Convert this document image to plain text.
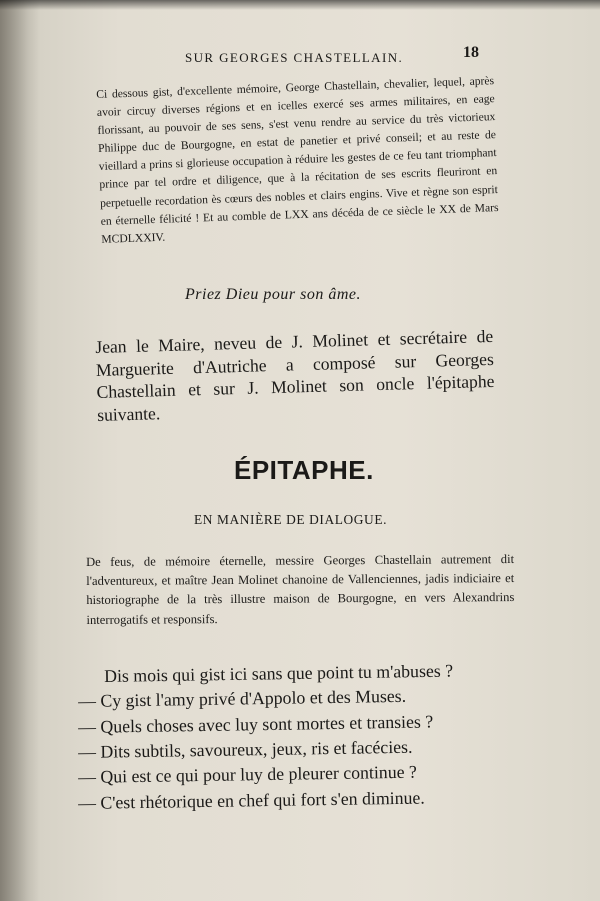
SUR GEORGES CHASTELLAIN.	18
Ci dessous gist, d'excellente mémoire, George Chastellain, chevalier, lequel, après avoir circuy diverses régions et en icelles exercé ses armes militaires, en eage florissant, au pouvoir de ses sens, s'est venu rendre au service du très victorieux Philippe duc de Bourgogne, en estat de panetier et privé conseil; et au reste de vieillard a prins si glorieuse occupation à réduire les gestes de ce feu tant triomphant prince par tel ordre et diligence, que à la récitation de ses escrits fleuriront en perpetuelle recordation ès cœurs des nobles et clairs engins. Vive et règne son esprit en éternelle félicité ! Et au comble de LXX ans décéda de ce siècle le XX de Mars MCDLXXIV.
Priez Dieu pour son âme.
Jean le Maire, neveu de J. Molinet et secrétaire de Marguerite d'Autriche a composé sur Georges Chastellain et sur J. Molinet son oncle l'épitaphe suivante.
ÉPITAPHE.
EN MANIÈRE DE DIALOGUE.
De feus, de mémoire éternelle, messire Georges Chastellain autrement dit l'adventureux, et maître Jean Molinet chanoine de Vallenciennes, jadis indiciaire et historiographe de la très illustre maison de Bourgogne, en vers Alexandrins interrogatifs et responsifs.
Dis mois qui gist ici sans que point tu m'abuses ?
— Cy gist l'amy privé d'Appolo et des Muses.
— Quels choses avec luy sont mortes et transies ?
— Dits subtils, savoureux, jeux, ris et facécies.
— Qui est ce qui pour luy de pleurer continue ?
— C'est rhétorique en chef qui fort s'en diminue.
